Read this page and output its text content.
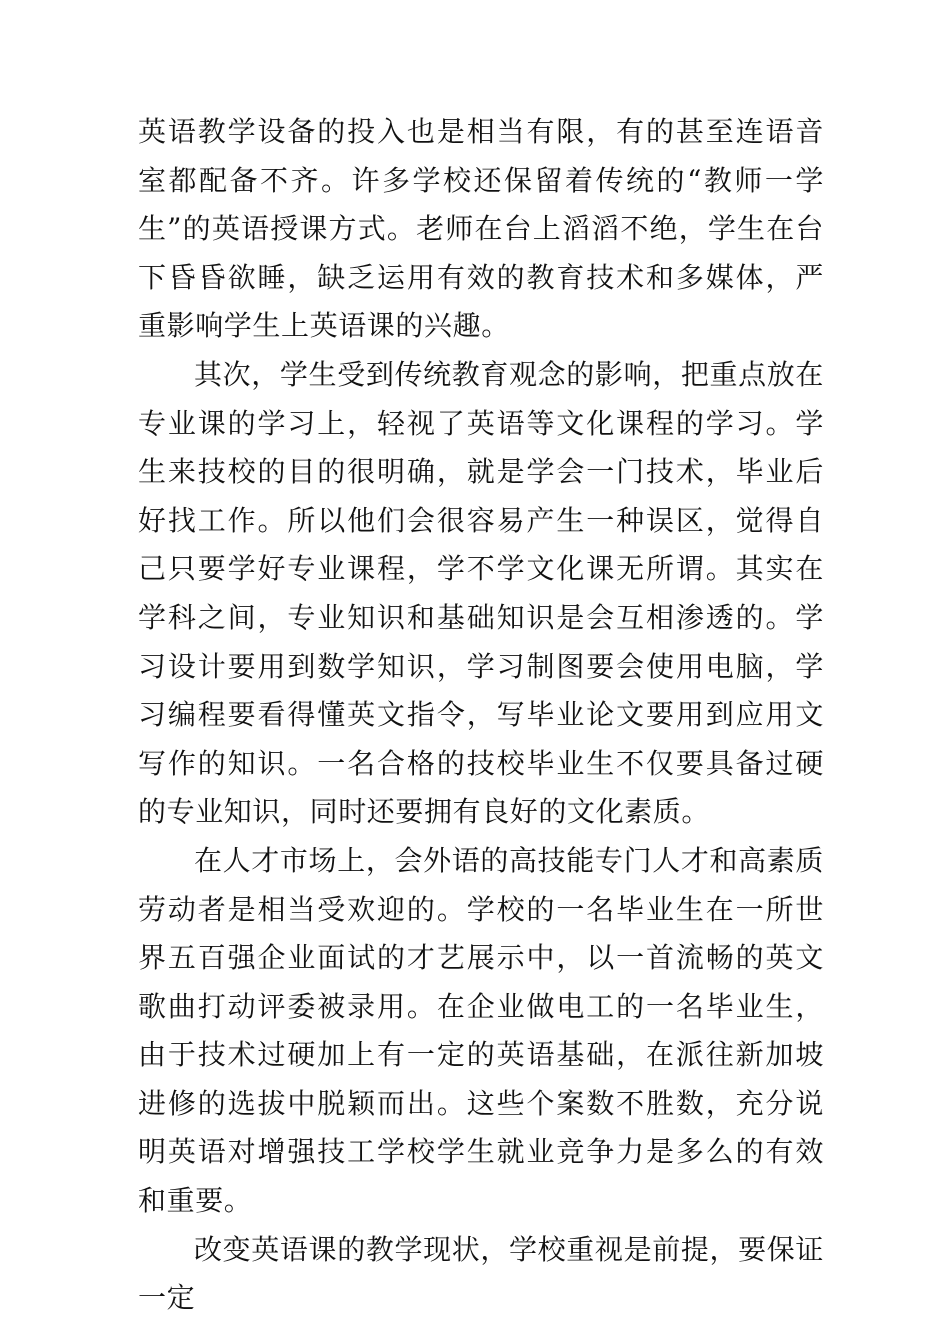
英语教学设备的投入也是相当有限，有的甚至连语音室都配备不齐。许多学校还保留着传统的“教师一学生”的英语授课方式。老师在台上滔滔不绝，学生在台下昏昏欲睡，缺乏运用有效的教育技术和多媒体，严重影响学生上英语课的兴趣。

其次，学生受到传统教育观念的影响，把重点放在专业课的学习上，轻视了英语等文化课程的学习。学生来技校的目的很明确，就是学会一门技术，毕业后好找工作。所以他们会很容易产生一种误区，觉得自己只要学好专业课程，学不学文化课无所谓。其实在学科之间，专业知识和基础知识是会互相渗透的。学习设计要用到数学知识，学习制图要会使用电脑，学习编程要看得懂英文指令，写毕业论文要用到应用文写作的知识。一名合格的技校毕业生不仅要具备过硬的专业知识，同时还要拥有良好的文化素质。

在人才市场上，会外语的高技能专门人才和高素质劳动者是相当受欢迎的。学校的一名毕业生在一所世界五百强企业面试的才艺展示中，以一首流畅的英文歌曲打动评委被录用。在企业做电工的一名毕业生，由于技术过硬加上有一定的英语基础，在派往新加坡进修的选拔中脱颖而出。这些个案数不胜数，充分说明英语对增强技工学校学生就业竞争力是多么的有效和重要。

改变英语课的教学现状，学校重视是前提，要保证一定
